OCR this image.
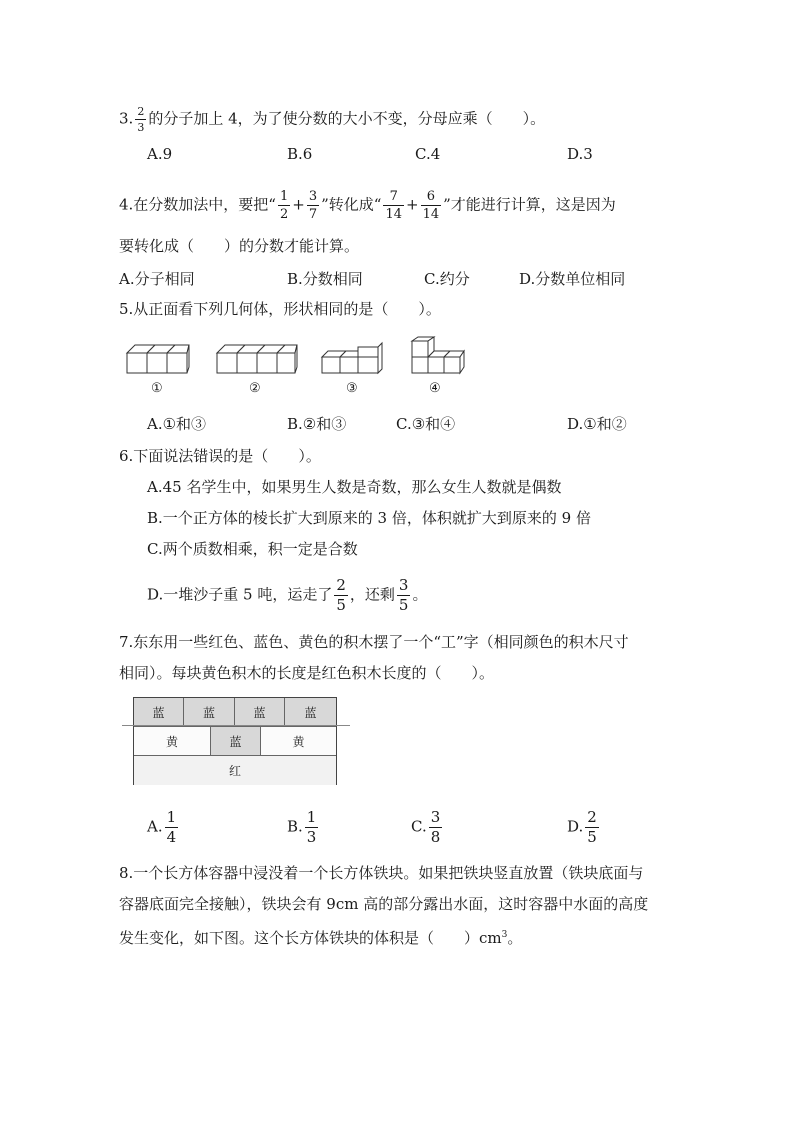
3. $\frac{2}{3}$ 的分子加上 4，为了使分数的大小不变，分母应乘（　　）。
A.9	B.6	C.4	D.3
4.在分数加法中，要把“ $\frac{1}{2} + \frac{3}{7}$ ”转化成“ $\frac{7}{14} + \frac{6}{14}$ ”才能进行计算，这是因为
要转化成（　　）的分数才能计算。
A.分子相同	B.分数相同	C.约分	D.分数单位相同
5.从正面看下列几何体，形状相同的是（　　）。
①	②	③	④
A.①和③	B.②和③	C.③和④	D.①和②
6.下面说法错误的是（　　）。
A.45 名学生中，如果男生人数是奇数，那么女生人数就是偶数
B.一个正方体的棱长扩大到原来的 3 倍，体积就扩大到原来的 9 倍
C.两个质数相乘，积一定是合数
D.一堆沙子重 5 吨，运走了 $\frac{2}{5}$ ，还剩 $\frac{3}{5}$ 。
7.东东用一些红色、蓝色、黄色的积木摆了一个“工”字（相同颜色的积木尺寸
相同）。每块黄色积木的长度是红色积木长度的（　　）。
蓝	蓝	蓝	蓝
黄	蓝	黄
红
A. $\frac{1}{4}$	B. $\frac{1}{3}$	C. $\frac{3}{8}$	D. $\frac{2}{5}$
8.一个长方体容器中浸没着一个长方体铁块。如果把铁块竖直放置（铁块底面与
容器底面完全接触），铁块会有 9cm 高的部分露出水面，这时容器中水面的高度
发生变化，如下图。这个长方体铁块的体积是（　　）$cm^3$。
